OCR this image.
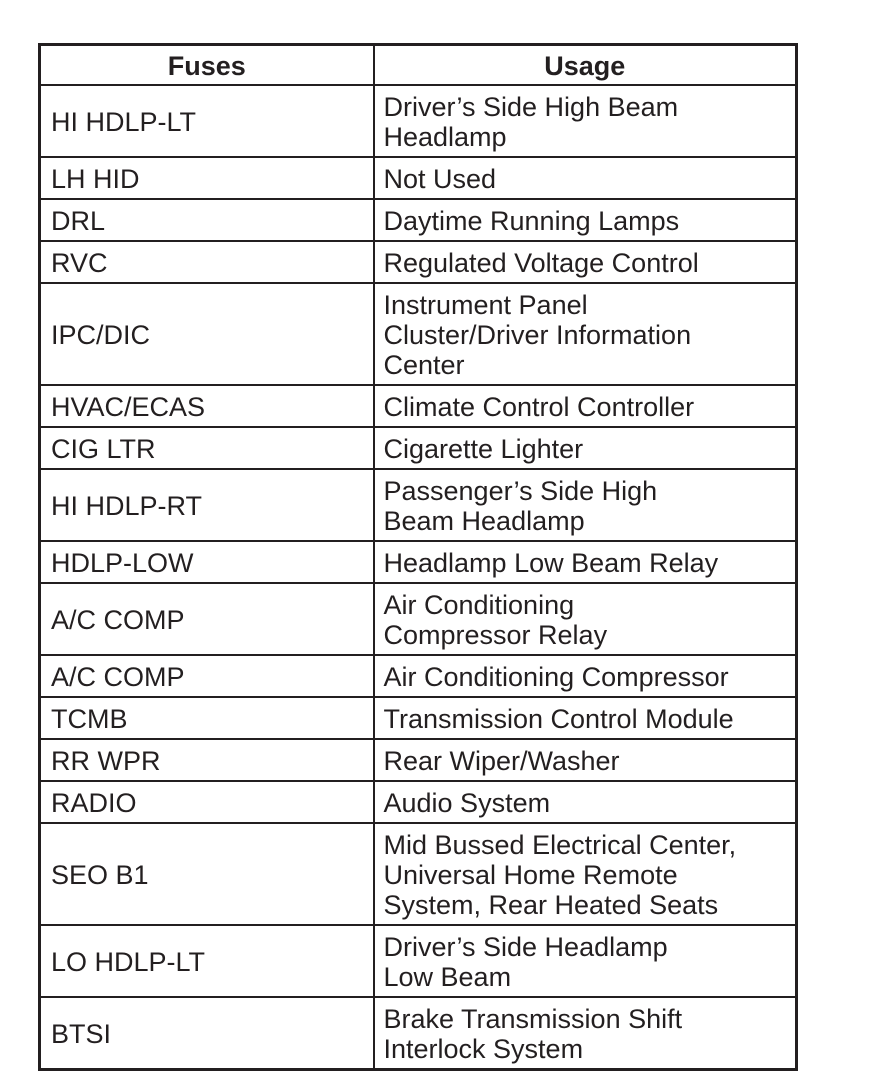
Fuses	Usage
HI HDLP-LT	Driver’s Side High Beam
Headlamp
LH HID	Not Used
DRL	Daytime Running Lamps
RVC	Regulated Voltage Control
IPC/DIC	Instrument Panel
Cluster/Driver Information
Center
HVAC/ECAS	Climate Control Controller
CIG LTR	Cigarette Lighter
HI HDLP-RT	Passenger’s Side High
Beam Headlamp
HDLP-LOW	Headlamp Low Beam Relay
A/C COMP	Air Conditioning
Compressor Relay
A/C COMP	Air Conditioning Compressor
TCMB	Transmission Control Module
RR WPR	Rear Wiper/Washer
RADIO	Audio System
SEO B1	Mid Bussed Electrical Center,
Universal Home Remote
System, Rear Heated Seats
LO HDLP-LT	Driver’s Side Headlamp
Low Beam
BTSI	Brake Transmission Shift
Interlock System
